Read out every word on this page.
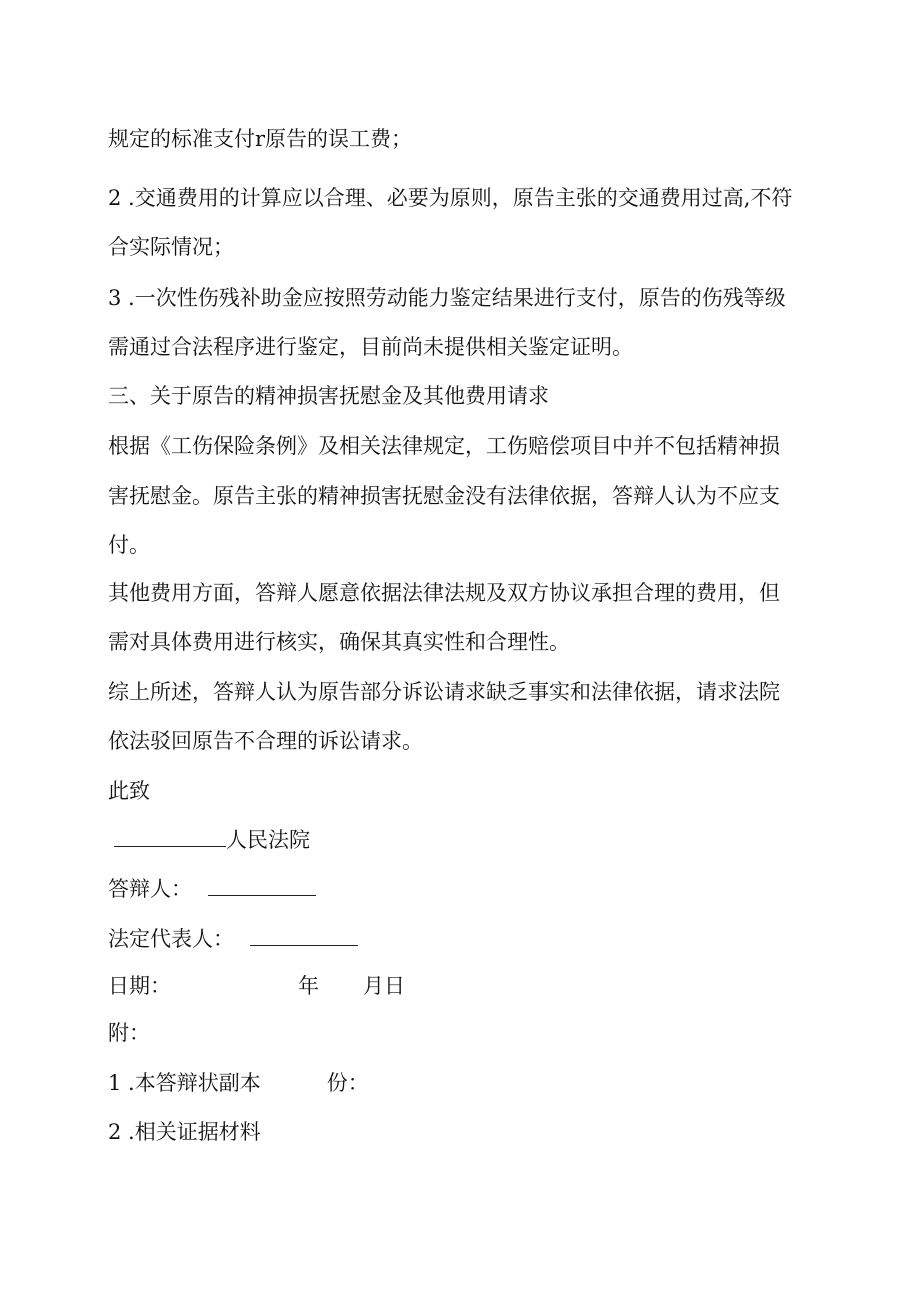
规定的标准支付r原告的误工费；
2 .交通费用的计算应以合理、必要为原则，原告主张的交通费用过高,不符
合实际情况；
3 .一次性伤残补助金应按照劳动能力鉴定结果进行支付，原告的伤残等级
需通过合法程序进行鉴定，目前尚未提供相关鉴定证明。
三、关于原告的精神损害抚慰金及其他费用请求
根据《工伤保险条例》及相关法律规定，工伤赔偿项目中并不包括精神损
害抚慰金。原告主张的精神损害抚慰金没有法律依据，答辩人认为不应支
付。
其他费用方面，答辩人愿意依据法律法规及双方协议承担合理的费用，但
需对具体费用进行核实，确保其真实性和合理性。
综上所述，答辩人认为原告部分诉讼请求缺乏事实和法律依据，请求法院
依法驳回原告不合理的诉讼请求。
此致
人民法院
答辩人：
法定代表人：
日期：	年 月日
附：
1 .本答辩状副本	份：
2 .相关证据材料
